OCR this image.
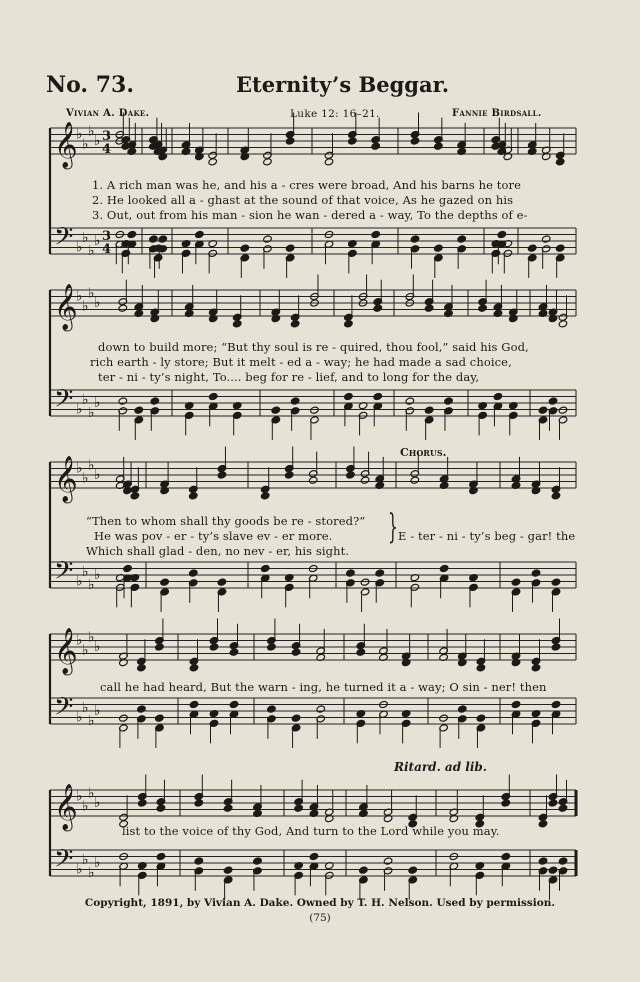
No. 73.	Eternity’s Beggar.
Vivian A. Dake.	Luke 12: 16–21.	Fannie Birdsall.
𝄞
𝄢
♭
♭
♭
♭
♭
♭
♭
♭
3
4
3
4
𝄞
𝄢
♭
♭
♭
♭
♭
♭
♭
♭
𝄞
𝄢
♭
♭
♭
♭
♭
♭
♭
♭
𝄞
𝄢
♭
♭
♭
♭
♭
♭
♭
♭
𝄞
𝄢
♭
♭
♭
♭
♭
♭
♭
♭
1. A rich man was he, and his a - cres were broad, And his barns he tore
2. He looked all a - ghast at the sound of that voice, As he gazed on his
3. Out, out from his man - sion he wan - dered a - way, To the depths of e-
down to build more; “But thy soul is re - quired, thou fool,” said his God,
rich earth - ly store; But it melt - ed a - way; he had made a sad choice,
ter - ni - ty’s night, To.... beg for re - lief, and to long for the day,
Chorus.
“Then to whom shall thy goods be re - stored?”
He was pov - er - ty’s slave ev - er more.
Which shall glad - den, no nev - er, his sight.
} E - ter - ni - ty’s beg - gar! the
call he had heard, But the warn - ing, he turned it a - way; O sin - ner! then
Ritard. ad lib.
list to the voice of thy God, And turn to the Lord while you may.
Copyright, 1891, by Vivian A. Dake. Owned by T. H. Nelson. Used by permission.
(75)
